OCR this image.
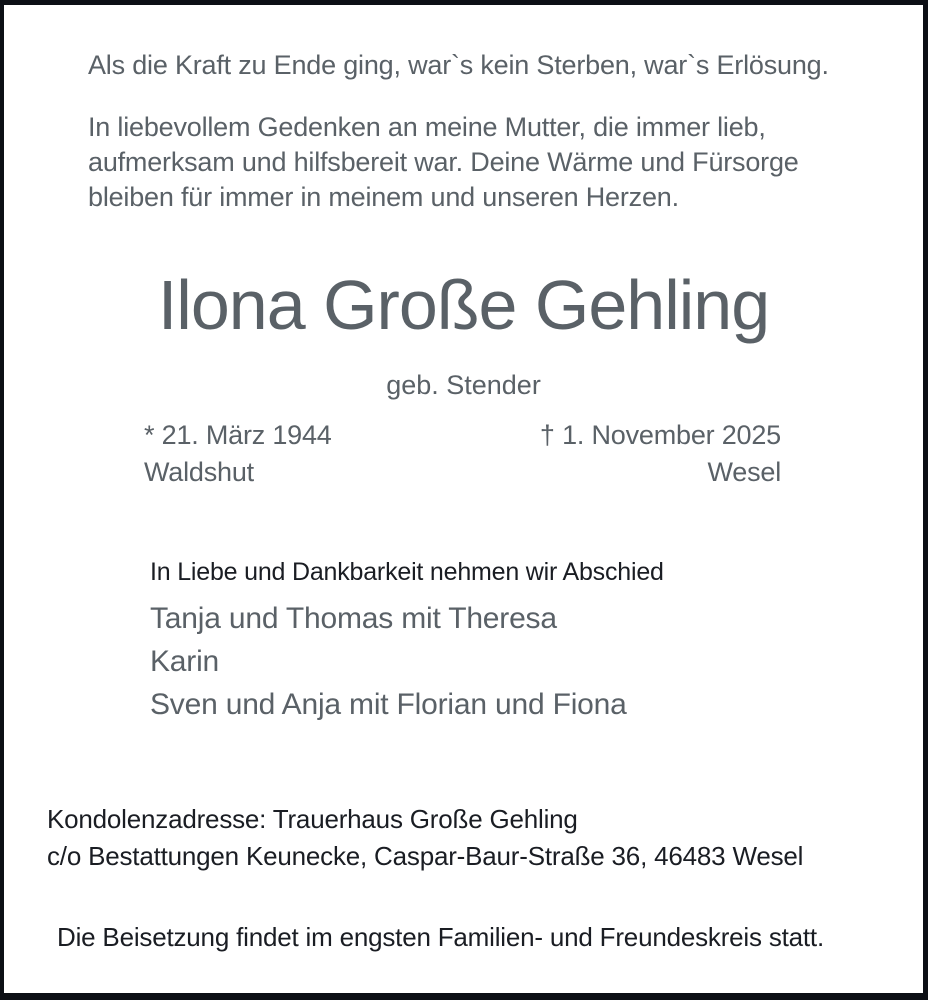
Als die Kraft zu Ende ging, war`s kein Sterben, war`s Erlösung.
In liebevollem Gedenken an meine Mutter, die immer lieb,
aufmerksam und hilfsbereit war. Deine Wärme und Fürsorge
bleiben für immer in meinem und unseren Herzen.
Ilona Große Gehling
geb. Stender
* 21. März 1944
Waldshut
† 1. November 2025
Wesel
In Liebe und Dankbarkeit nehmen wir Abschied
Tanja und Thomas mit Theresa
Karin
Sven und Anja mit Florian und Fiona
Kondolenzadresse: Trauerhaus Große Gehling
c/o Bestattungen Keunecke, Caspar-Baur-Straße 36, 46483 Wesel
Die Beisetzung findet im engsten Familien- und Freundeskreis statt.
